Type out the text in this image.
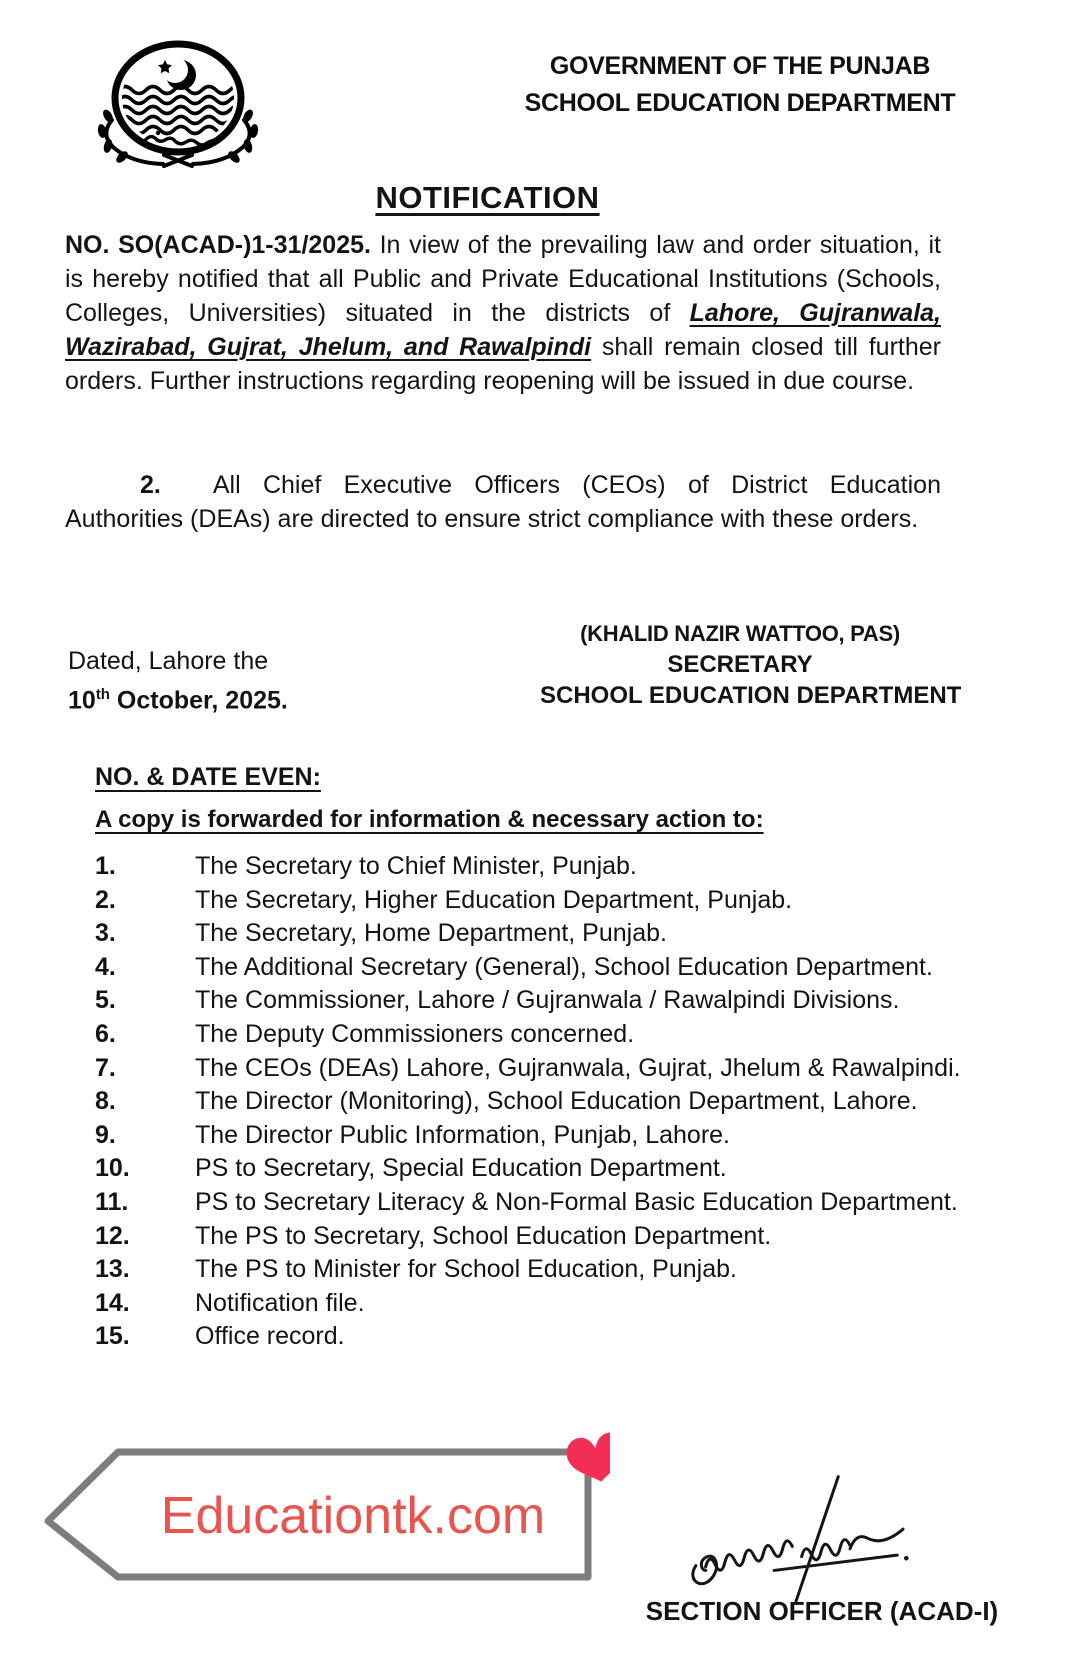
GOVERNMENT OF THE PUNJAB
SCHOOL EDUCATION DEPARTMENT
NOTIFICATION
NO. SO(ACAD-)1-31/2025. In view of the prevailing law and order situation, it is hereby notified that all Public and Private Educational Institutions (Schools, Colleges, Universities) situated in the districts of Lahore, Gujranwala, Wazirabad, Gujrat, Jhelum, and Rawalpindi shall remain closed till further orders. Further instructions regarding reopening will be issued in due course.
2. All Chief Executive Officers (CEOs) of District Education Authorities (DEAs) are directed to ensure strict compliance with these orders.
Dated, Lahore the
10th October, 2025.
(KHALID NAZIR WATTOO, PAS)
SECRETARY
SCHOOL EDUCATION DEPARTMENT
NO. & DATE EVEN:
A copy is forwarded for information & necessary action to:
1.	The Secretary to Chief Minister, Punjab.
2.	The Secretary, Higher Education Department, Punjab.
3.	The Secretary, Home Department, Punjab.
4.	The Additional Secretary (General), School Education Department.
5.	The Commissioner, Lahore / Gujranwala / Rawalpindi Divisions.
6.	The Deputy Commissioners concerned.
7.	The CEOs (DEAs) Lahore, Gujranwala, Gujrat, Jhelum & Rawalpindi.
8.	The Director (Monitoring), School Education Department, Lahore.
9.	The Director Public Information, Punjab, Lahore.
10.	PS to Secretary, Special Education Department.
11.	PS to Secretary Literacy & Non-Formal Basic Education Department.
12.	The PS to Secretary, School Education Department.
13.	The PS to Minister for School Education, Punjab.
14.	Notification file.
15.	Office record.
Educationtk.com
SECTION OFFICER (ACAD-I)
